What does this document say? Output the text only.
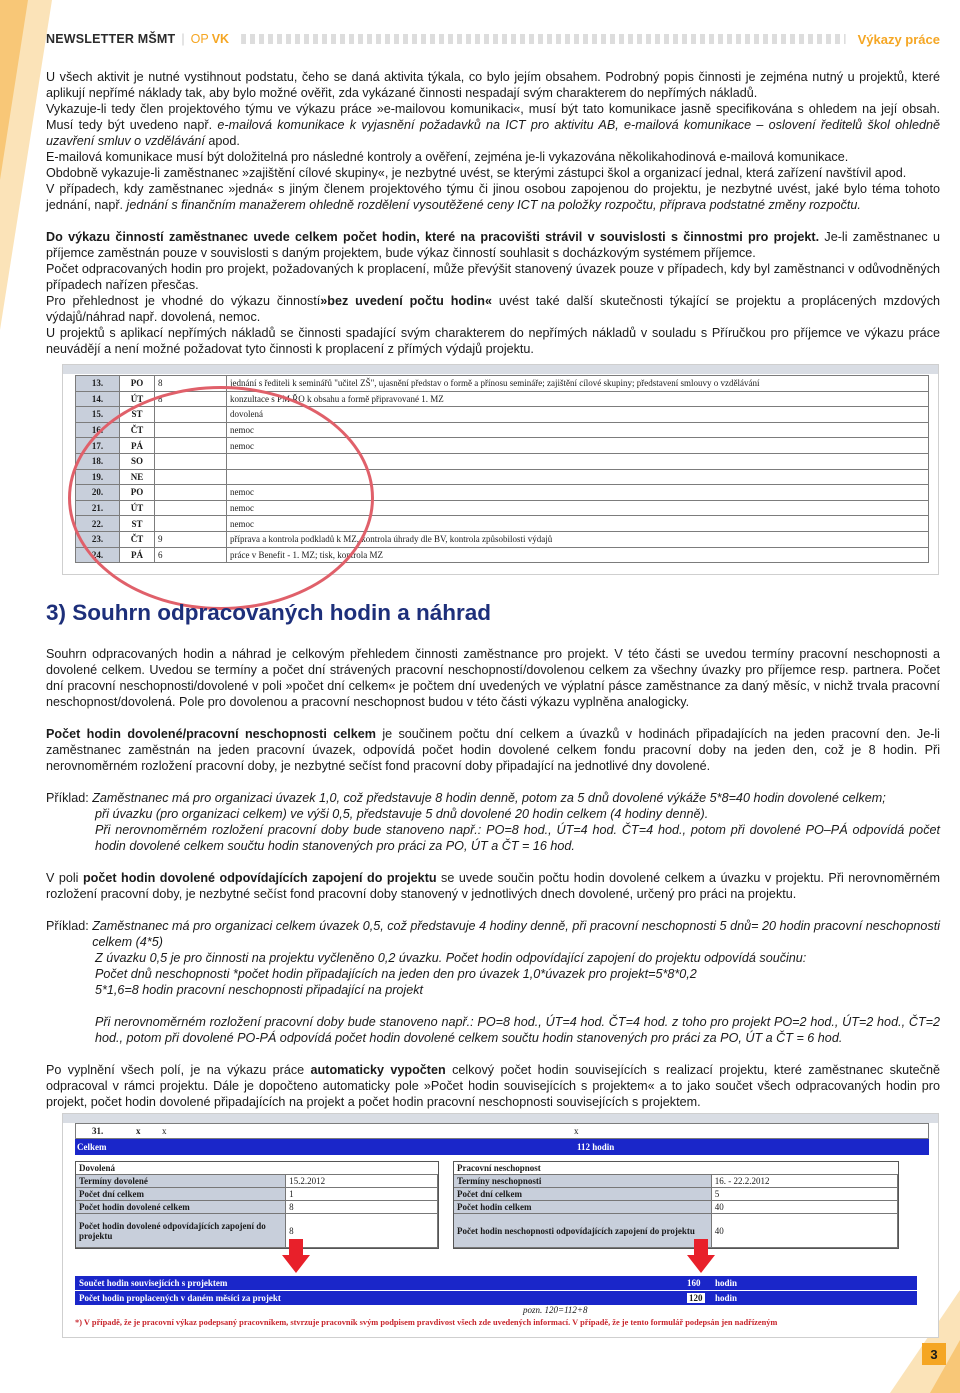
NEWSLETTER MŠMT | OP VK	Výkazy práce

U všech aktivit je nutné vystihnout podstatu, čeho se daná aktivita týkala, co bylo jejím obsahem. Podrobný popis činnosti je zejména nutný u projektů, které aplikují nepřímé náklady tak, aby bylo možné ověřit, zda vykázané činnosti nespadají svým charakterem do nepřímých nákladů.

Vykazuje-li tedy člen projektového týmu ve výkazu práce »e-mailovou komunikaci«, musí být tato komunikace jasně specifikována s ohledem na její obsah. Musí tedy být uvedeno např. e-mailová komunikace k vyjasnění požadavků na ICT pro aktivitu AB, e-mailová komunikace – oslovení ředitelů škol ohledně uzavření smluv o vzdělávání apod.

E-mailová komunikace musí být doložitelná pro následné kontroly a ověření, zejména je-li vykazována několikahodinová e-mailová komunikace.

Obdobně vykazuje-li zaměstnanec »zajištění cílové skupiny«, je nezbytné uvést, se kterými zástupci škol a organizací jednal, která zařízení navštívil apod.

V případech, kdy zaměstnanec »jedná« s jiným členem projektového týmu či jinou osobou zapojenou do projektu, je nezbytné uvést, jaké bylo téma tohoto jednání, např. jednání s finančním manažerem ohledně rozdělení vysoutěžené ceny ICT na položky rozpočtu, příprava podstatné změny rozpočtu.

Do výkazu činností zaměstnanec uvede celkem počet hodin, které na pracovišti strávil v souvislosti s činnostmi pro projekt. Je-li zaměstnanec u příjemce zaměstnán pouze v souvislosti s daným projektem, bude výkaz činností souhlasit s docházkovým systémem příjemce.

Počet odpracovaných hodin pro projekt, požadovaných k proplacení, může převýšit stanovený úvazek pouze v případech, kdy byl zaměstnanci v odůvodněných případech nařízen přesčas.

Pro přehlednost je vhodné do výkazu činností»bez uvedení počtu hodin« uvést také další skutečnosti týkající se projektu a proplácených mzdových výdajů/náhrad např. dovolená, nemoc.

U projektů s aplikací nepřímých nákladů se činnosti spadající svým charakterem do nepřímých nákladů v souladu s Příručkou pro příjemce ve výkazu práce neuvádějí a není možné požadovat tyto činnosti k proplacení z přímých výdajů projektu.

13.	PO	8	jednání s řediteli k seminářů "učitel ZŠ", ujasnění představ o formě a přínosu semináře; zajištění cílové skupiny; představení smlouvy o vzdělávání
14.	ÚT	8	konzultace s PM ŘO k obsahu a formě připravované 1. MZ
15.	ST		dovolená
16.	ČT		nemoc
17.	PÁ		nemoc
18.	SO		
19.	NE		
20.	PO		nemoc
21.	ÚT		nemoc
22.	ST		nemoc
23.	ČT	9	příprava a kontrola podkladů k MZ, kontrola úhrady dle BV, kontrola způsobilosti výdajů
24.	PÁ	6	práce v Benefit - 1. MZ; tisk, kontrola MZ
3) Souhrn odpracovaných hodin a náhrad

Souhrn odpracovaných hodin a náhrad je celkovým přehledem činnosti zaměstnance pro projekt. V této části se uvedou termíny pracovní neschopnosti a dovolené celkem. Uvedou se termíny a počet dní strávených pracovní neschopností/dovolenou celkem za všechny úvazky pro příjemce resp. partnera. Počet dní pracovní neschopnosti/dovolené v poli »počet dní celkem« je počtem dní uvedených ve výplatní pásce zaměstnance za daný měsíc, v nichž trvala pracovní neschopnost/dovolená. Pole pro dovolenou a pracovní neschopnost budou v této části výkazu vyplněna analogicky.

Počet hodin dovolené/pracovní neschopnosti celkem je součinem počtu dní celkem a úvazků v hodinách připadajících na jeden pracovní den. Je-li zaměstnanec zaměstnán na jeden pracovní úvazek, odpovídá počet hodin dovolené celkem fondu pracovní doby na jeden den, což je 8 hodin. Při nerovnoměrném rozložení pracovní doby, je nezbytné sečíst fond pracovní doby připadající na jednotlivé dny dovolené.

Příklad: Zaměstnanec má pro organizaci úvazek 1,0, což představuje 8 hodin denně, potom za 5 dnů dovolené výkáže 5*8=40 hodin dovolené celkem;

při úvazku (pro organizaci celkem) ve výši 0,5, představuje 5 dnů dovolené 20 hodin celkem (4 hodiny denně).

Při nerovnoměrném rozložení pracovní doby bude stanoveno např.: PO=8 hod., ÚT=4 hod. ČT=4 hod., potom při dovolené PO–PÁ odpovídá počet hodin dovolené celkem součtu hodin stanovených pro práci za PO, ÚT a ČT = 16 hod.

V poli počet hodin dovolené odpovídajících zapojení do projektu se uvede součin počtu hodin dovolené celkem a úvazku v projektu. Při nerovnoměrném rozložení pracovní doby, je nezbytné sečíst fond pracovní doby stanovený v jednotlivých dnech dovolené, určený pro práci na projektu.

Příklad: Zaměstnanec má pro organizaci celkem úvazek 0,5, což představuje 4 hodiny denně, při pracovní neschopnosti 5 dnů= 20 hodin pracovní neschopnosti celkem (4*5)

Z úvazku 0,5 je pro činnosti na projektu vyčleněno 0,2 úvazku. Počet hodin odpovídající zapojení do projektu odpovídá součinu:

Počet dnů neschopnosti *počet hodin připadajících na jeden den pro úvazek 1,0*úvazek pro projekt=5*8*0,2

5*1,6=8 hodin pracovní neschopnosti připadající na projekt

Při nerovnoměrném rozložení pracovní doby bude stanoveno např.: PO=8 hod., ÚT=4 hod. ČT=4 hod. z toho pro projekt PO=2 hod., ÚT=2 hod., ČT=2 hod., potom při dovolené PO-PÁ odpovídá počet hodin dovolené celkem součtu hodin stanovených pro práci za PO, ÚT a ČT = 6 hod.

Po vyplnění všech polí, je na výkazu práce automaticky vypočten celkový počet hodin souvisejících s realizací projektu, které zaměstnanec skutečně odpracoval v rámci projektu. Dále je dopočteno automaticky pole »Počet hodin souvisejících s projektem« a to jako součet všech odpracovaných hodin pro projekt, počet hodin dovolené připadajících na projekt a počet hodin pracovní neschopnosti souvisejících s projektem.

31.	x x	x
Celkem	112 hodin
Dovolená	
Termíny dovolené	15.2.2012
Počet dní celkem	1
Počet hodin dovolené celkem	8
Počet hodin dovolené odpovídajících zapojení do projektu	8
Pracovní neschopnost	
Termíny neschopnosti	16. - 22.2.2012
Počet dní celkem	5
Počet hodin celkem	40
Počet hodin neschopnosti odpovídajících zapojení do projektu	40
Součet hodin souvisejících s projektem	160 hodin
Počet hodin proplacených v daném měsíci za projekt	120 hodin
pozn. 120=112+8
*) V případě, že je pracovní výkaz podepsaný pracovníkem, stvrzuje pracovník svým podpisem pravdivost všech zde uvedených informací. V případě, že je tento formulář podepsán jen nadřízeným
3
